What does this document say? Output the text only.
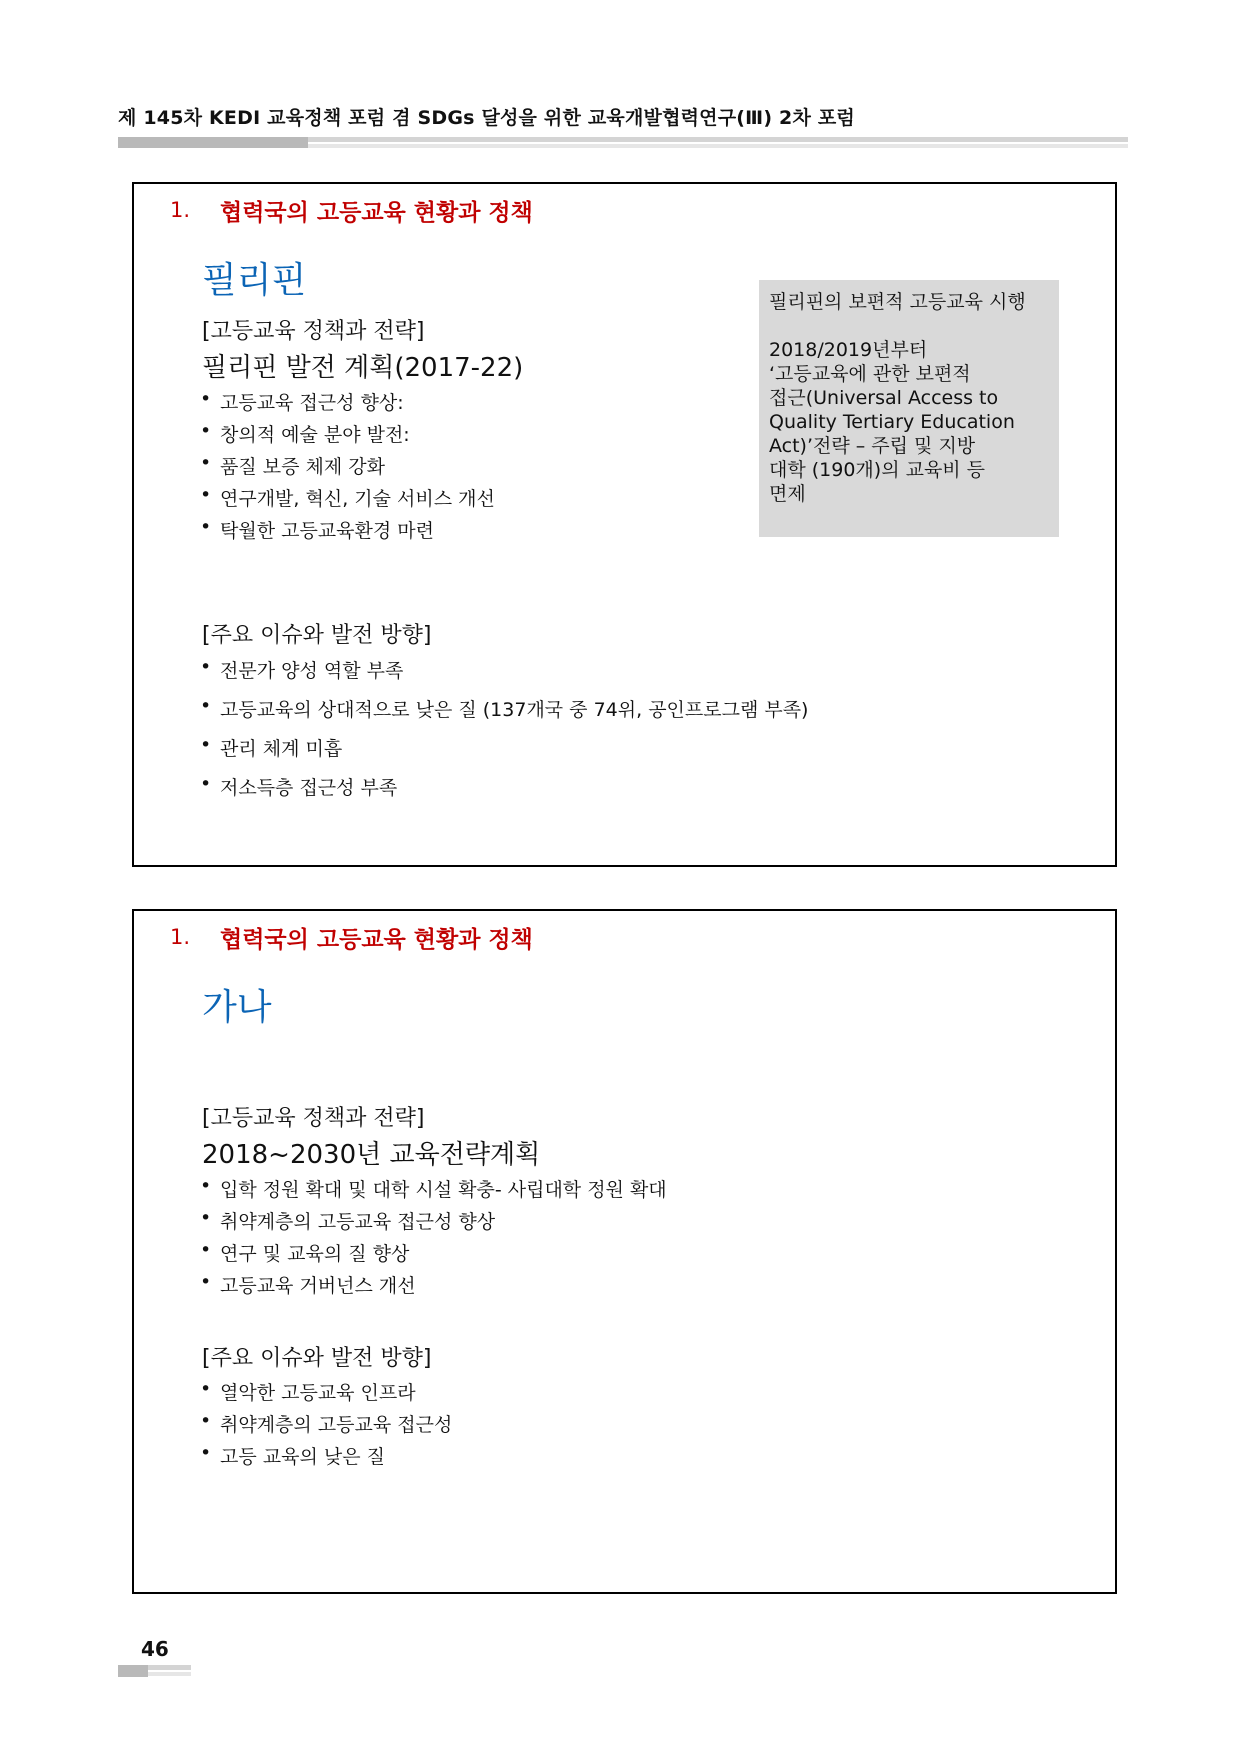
제 145차 KEDI 교육정책 포럼 겸 SDGs 달성을 위한 교육개발협력연구(Ⅲ) 2차 포럼
1. 협력국의 고등교육 현황과 정책
필리핀
[고등교육 정책과 전략]
필리핀 발전 계획(2017-22)
• 고등교육 접근성 향상:
• 창의적 예술 분야 발전:
• 품질 보증 체제 강화
• 연구개발, 혁신, 기술 서비스 개선
• 탁월한 고등교육환경 마련
필리핀의 보편적 고등교육 시행
2018/2019년부터
‘고등교육에 관한 보편적
접근(Universal Access to
Quality Tertiary Education
Act)’전략 – 주립 및 지방
대학 (190개)의 교육비 등
면제
[주요 이슈와 발전 방향]
• 전문가 양성 역할 부족
• 고등교육의 상대적으로 낮은 질 (137개국 중 74위, 공인프로그램 부족)
• 관리 체계 미흡
• 저소득층 접근성 부족
1. 협력국의 고등교육 현황과 정책
가나
[고등교육 정책과 전략]
2018~2030년 교육전략계획
• 입학 정원 확대 및 대학 시설 확충- 사립대학 정원 확대
• 취약계층의 고등교육 접근성 향상
• 연구 및 교육의 질 향상
• 고등교육 거버넌스 개선
[주요 이슈와 발전 방향]
• 열악한 고등교육 인프라
• 취약계층의 고등교육 접근성
• 고등 교육의 낮은 질
46
